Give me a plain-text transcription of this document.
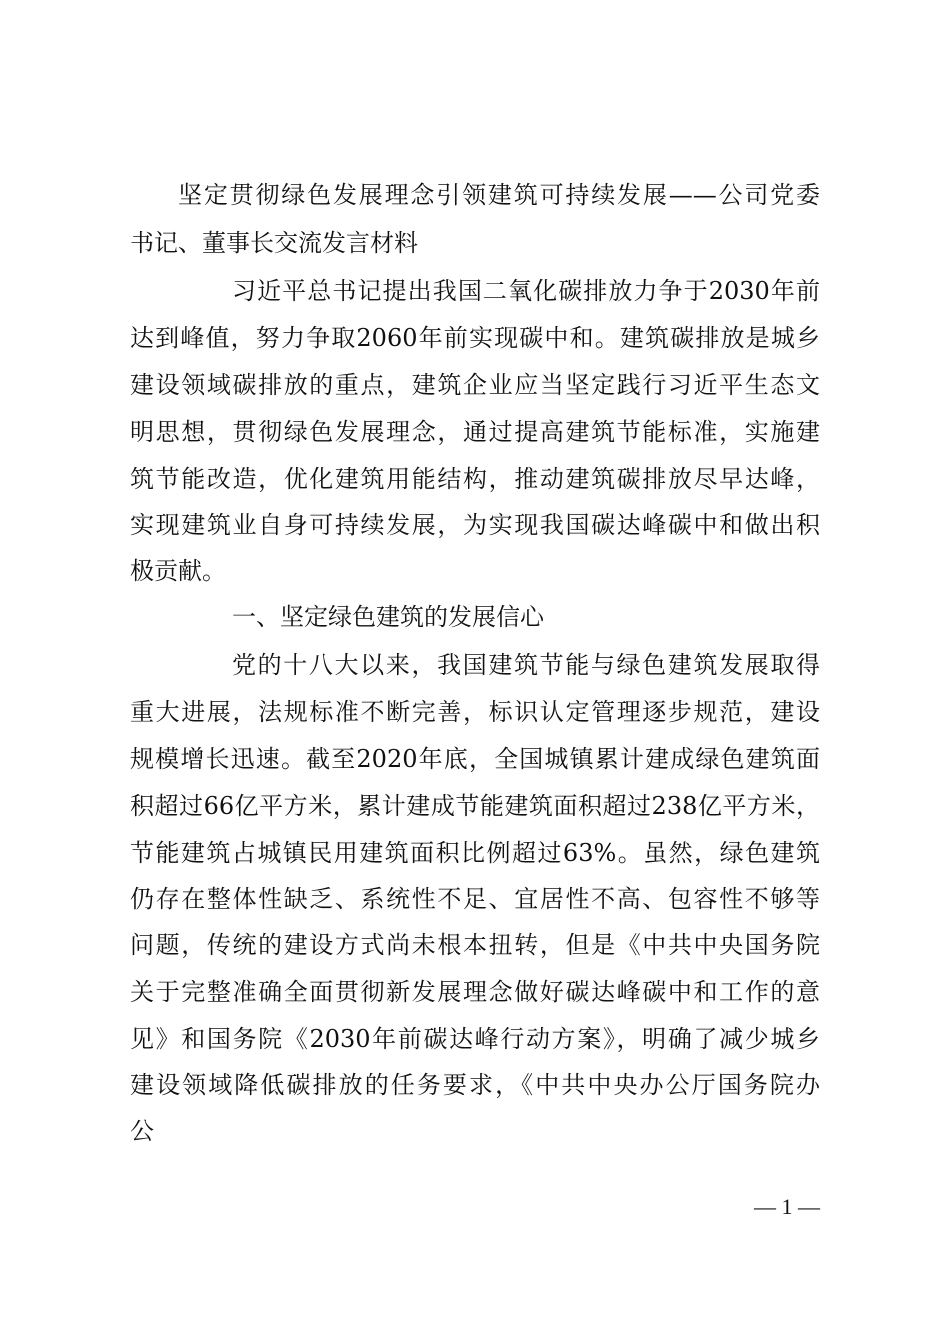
坚定贯彻绿色发展理念引领建筑可持续发展——公司党委
书记、董事长交流发言材料
习近平总书记提出我国二氧化碳排放力争于2030年前
达到峰值，努力争取2060年前实现碳中和。建筑碳排放是城乡
建设领域碳排放的重点，建筑企业应当坚定践行习近平生态文
明思想，贯彻绿色发展理念，通过提高建筑节能标准，实施建
筑节能改造，优化建筑用能结构，推动建筑碳排放尽早达峰，
实现建筑业自身可持续发展，为实现我国碳达峰碳中和做出积
极贡献。
一、坚定绿色建筑的发展信心
党的十八大以来，我国建筑节能与绿色建筑发展取得
重大进展，法规标准不断完善，标识认定管理逐步规范，建设
规模增长迅速。截至2020年底，全国城镇累计建成绿色建筑面
积超过66亿平方米，累计建成节能建筑面积超过238亿平方米，
节能建筑占城镇民用建筑面积比例超过63%。虽然，绿色建筑
仍存在整体性缺乏、系统性不足、宜居性不高、包容性不够等
问题，传统的建设方式尚未根本扭转，但是《中共中央国务院
关于完整准确全面贯彻新发展理念做好碳达峰碳中和工作的意
见》和国务院《2030年前碳达峰行动方案》，明确了减少城乡
建设领域降低碳排放的任务要求，《中共中央办公厅国务院办
公
— 1 —
